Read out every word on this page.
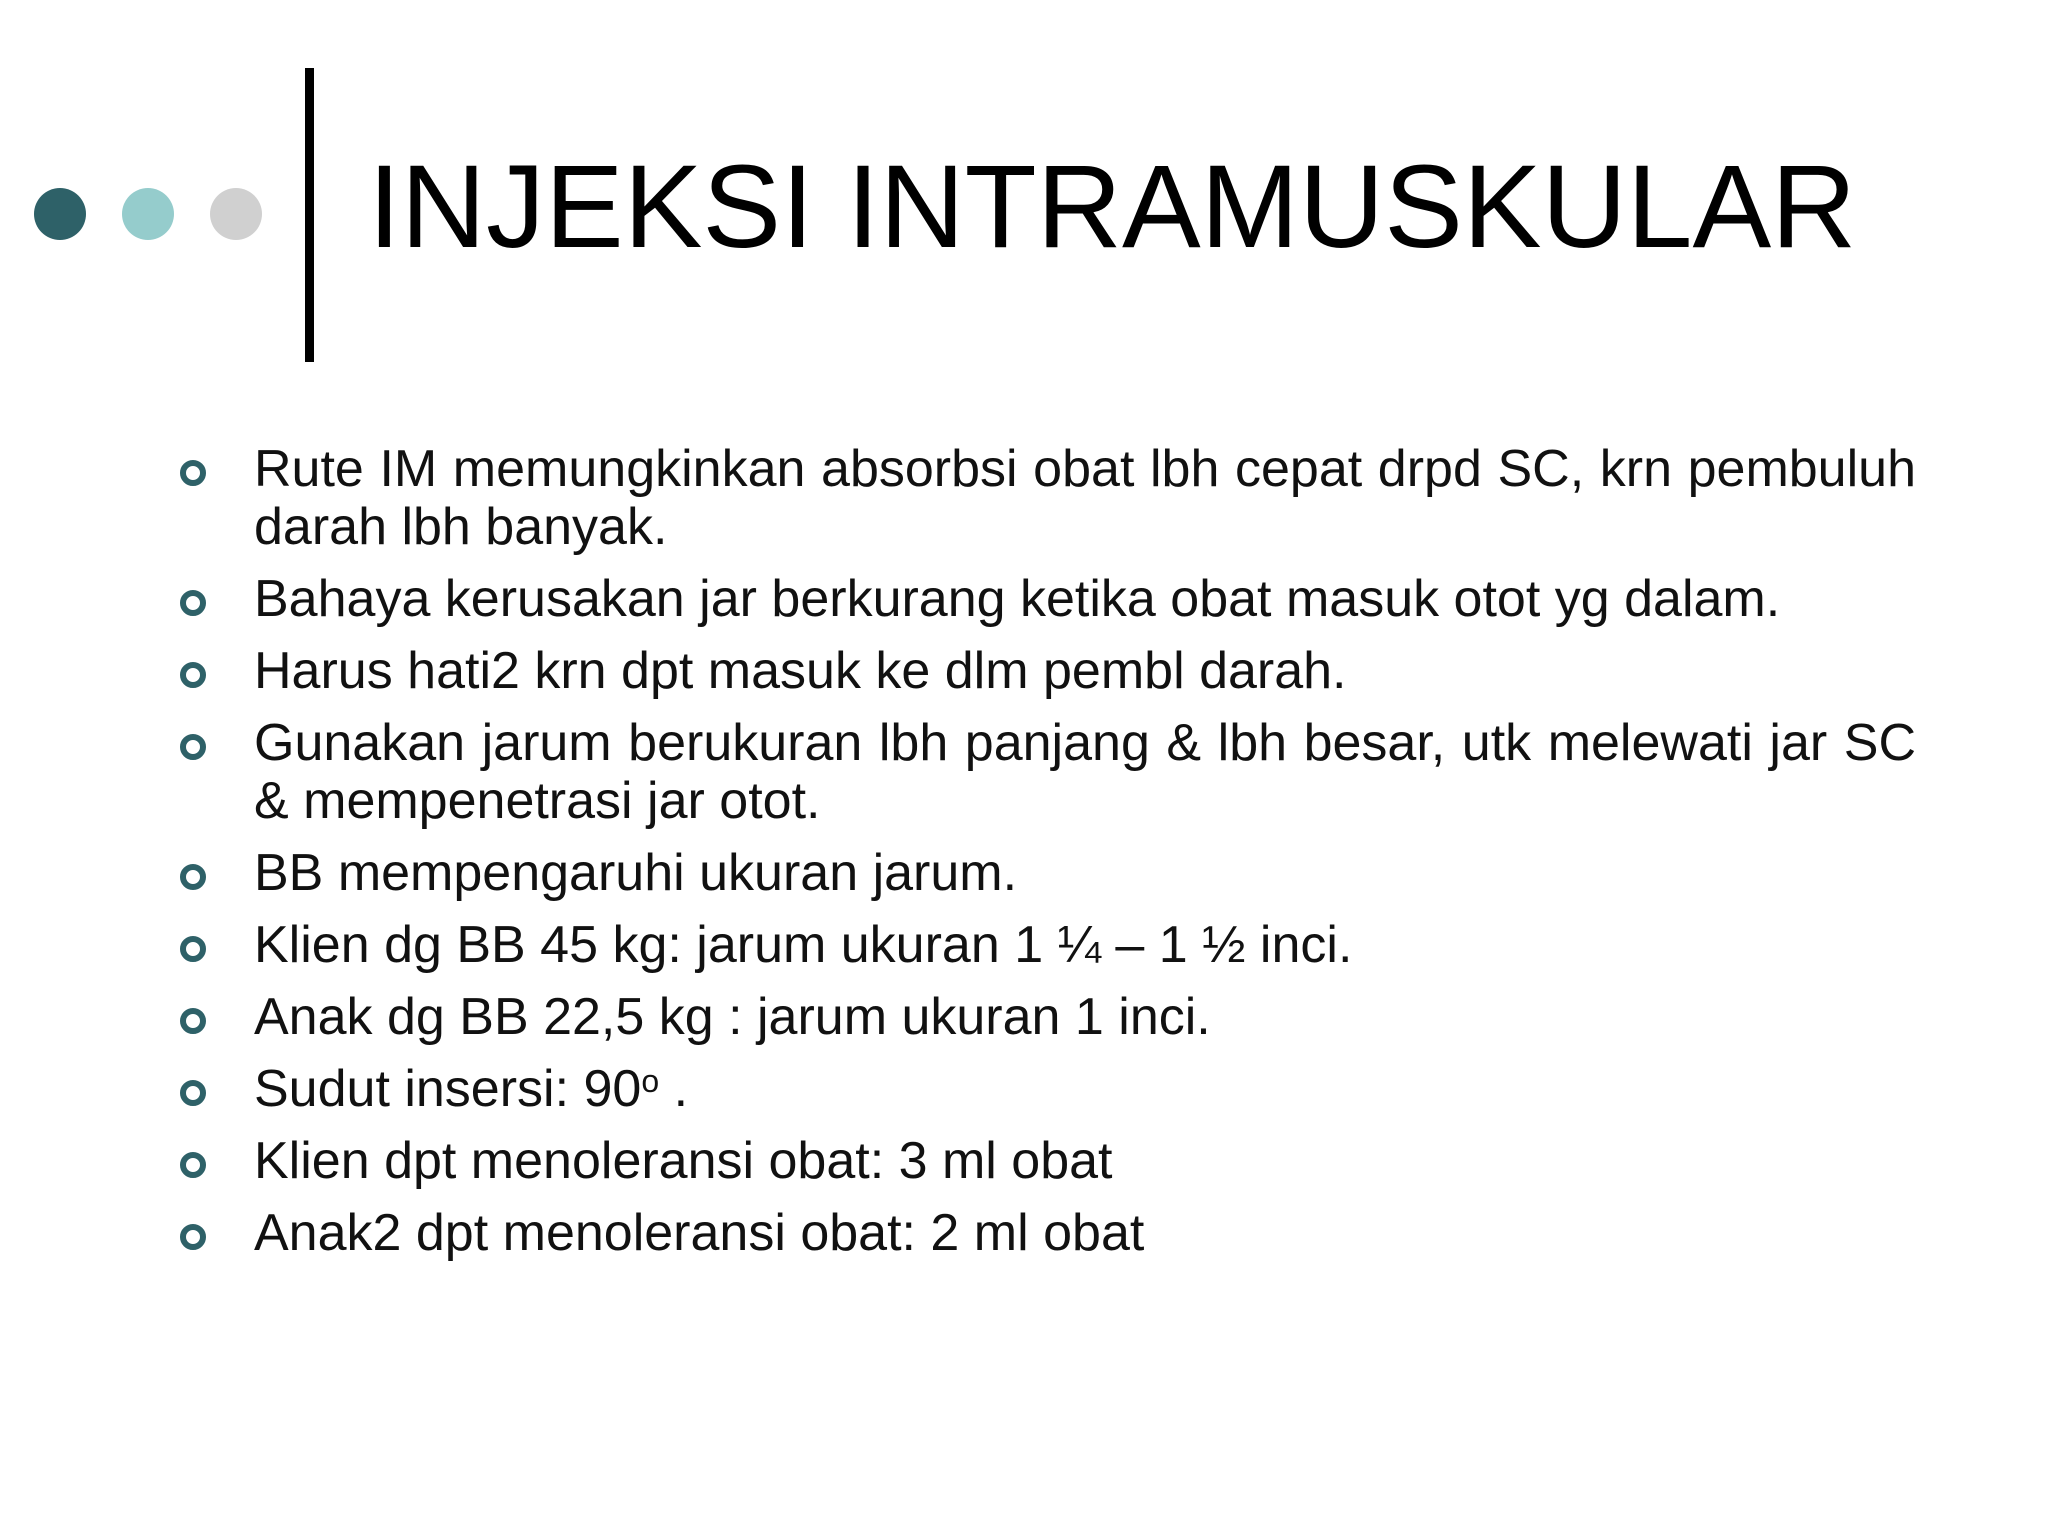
INJEKSI INTRAMUSKULAR
Rute IM memungkinkan absorbsi obat lbh cepat drpd SC, krn pembuluh darah lbh banyak.
Bahaya kerusakan jar berkurang ketika obat masuk otot yg dalam.
Harus hati2 krn dpt masuk ke dlm pembl darah.
Gunakan jarum berukuran lbh panjang & lbh besar, utk melewati jar SC & mempenetrasi jar otot.
BB mempengaruhi ukuran jarum.
Klien dg BB 45 kg: jarum ukuran 1 ¼ – 1 ½ inci.
Anak dg BB 22,5 kg : jarum ukuran 1 inci.
Sudut insersi: 90$^o$ .
Klien dpt menoleransi obat: 3 ml obat
Anak2 dpt menoleransi obat: 2 ml obat
